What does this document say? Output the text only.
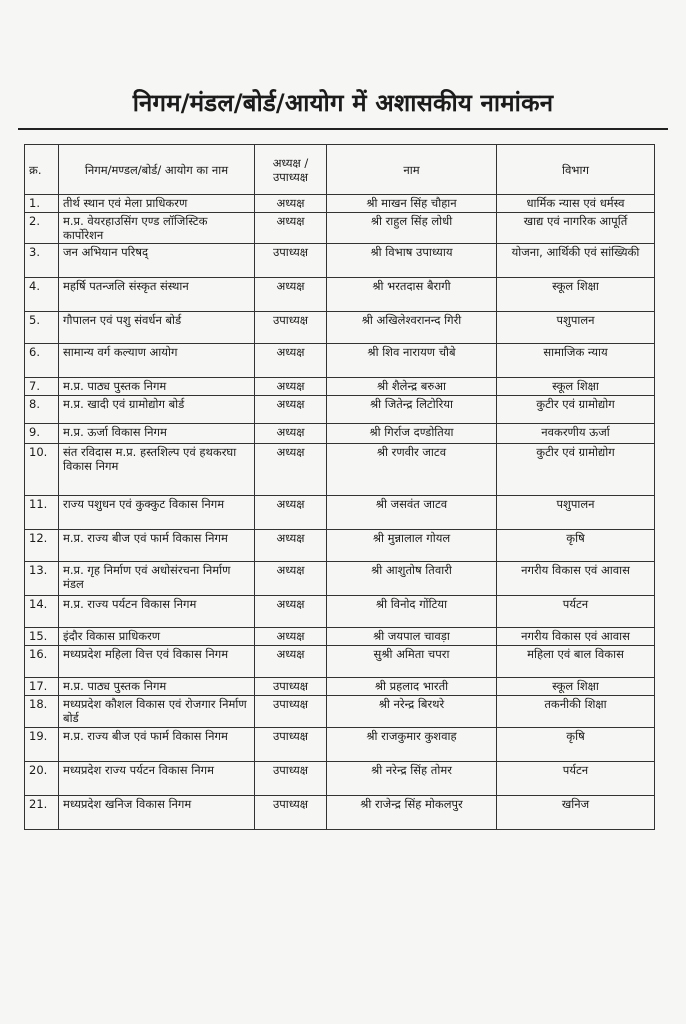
निगम/मंडल/बोर्ड/आयोग में अशासकीय नामांकन
क्र.	निगम/मण्डल/बोर्ड/ आयोग का नाम	अध्यक्ष / उपाध्यक्ष	नाम	विभाग
1.	तीर्थ स्थान एवं मेला प्राधिकरण	अध्यक्ष	श्री माखन सिंह चौहान	धार्मिक न्यास एवं धर्मस्व
2.	म.प्र. वेयरहाउसिंग एण्ड लॉजिस्टिक कार्पोरेशन	अध्यक्ष	श्री राहुल सिंह लोधी	खाद्य एवं नागरिक आपूर्ति
3.	जन अभियान परिषद्	उपाध्यक्ष	श्री विभाष उपाध्याय	योजना, आर्थिकी एवं सांख्यिकी
4.	महर्षि पतन्जलि संस्कृत संस्थान	अध्यक्ष	श्री भरतदास बैरागी	स्कूल शिक्षा
5.	गौपालन एवं पशु संवर्धन बोर्ड	उपाध्यक्ष	श्री अखिलेश्वरानन्द गिरी	पशुपालन
6.	सामान्य वर्ग कल्याण आयोग	अध्यक्ष	श्री शिव नारायण चौबे	सामाजिक न्याय
7.	म.प्र. पाठ्य पुस्तक निगम	अध्यक्ष	श्री शैलेन्द्र बरुआ	स्कूल शिक्षा
8.	म.प्र. खादी एवं ग्रामोद्योग बोर्ड	अध्यक्ष	श्री जितेन्द्र लिटोरिया	कुटीर एवं ग्रामोद्योग
9.	म.प्र. ऊर्जा विकास निगम	अध्यक्ष	श्री गिर्राज दण्डोतिया	नवकरणीय ऊर्जा
10.	संत रविदास म.प्र. हस्तशिल्प एवं हथकरघा विकास निगम	अध्यक्ष	श्री रणवीर जाटव	कुटीर एवं ग्रामोद्योग
11.	राज्य पशुधन एवं कुक्कुट विकास निगम	अध्यक्ष	श्री जसवंत जाटव	पशुपालन
12.	म.प्र. राज्य बीज एवं फार्म विकास निगम	अध्यक्ष	श्री मुन्नालाल गोयल	कृषि
13.	म.प्र. गृह निर्माण एवं अधोसंरचना निर्माण मंडल	अध्यक्ष	श्री आशुतोष तिवारी	नगरीय विकास एवं आवास
14.	म.प्र. राज्य पर्यटन विकास निगम	अध्यक्ष	श्री विनोद गोंटिया	पर्यटन
15.	इंदौर विकास प्राधिकरण	अध्यक्ष	श्री जयपाल चावड़ा	नगरीय विकास एवं आवास
16.	मध्यप्रदेश महिला वित्त एवं विकास निगम	अध्यक्ष	सुश्री अमिता चपरा	महिला एवं बाल विकास
17.	म.प्र. पाठ्य पुस्तक निगम	उपाध्यक्ष	श्री प्रहलाद भारती	स्कूल शिक्षा
18.	मध्यप्रदेश कौशल विकास एवं रोजगार निर्माण बोर्ड	उपाध्यक्ष	श्री नरेन्द्र बिरथरे	तकनीकी शिक्षा
19.	म.प्र. राज्य बीज एवं फार्म विकास निगम	उपाध्यक्ष	श्री राजकुमार कुशवाह	कृषि
20.	मध्यप्रदेश राज्य पर्यटन विकास निगम	उपाध्यक्ष	श्री नरेन्द्र सिंह तोमर	पर्यटन
21.	मध्यप्रदेश खनिज विकास निगम	उपाध्यक्ष	श्री राजेन्द्र सिंह मोकलपुर	खनिज
